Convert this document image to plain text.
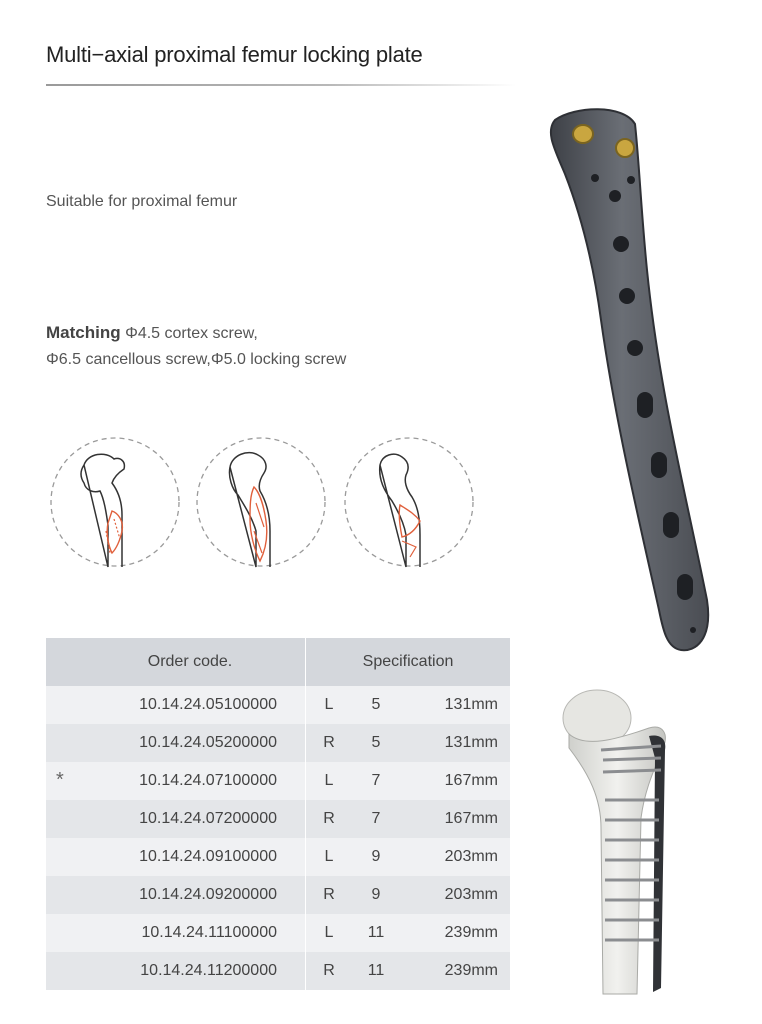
Multi−axial proximal femur locking plate
Suitable for proximal femur
Matching Φ4.5 cortex screw,
Φ6.5 cancellous screw,Φ5.0 locking screw
Order code.	Specification		

10.14.24.05100000	L	5	131mm

10.14.24.05200000	R	5	131mm

* 10.14.24.07100000	L	7	167mm

10.14.24.07200000	R	7	167mm

10.14.24.09100000	L	9	203mm

10.14.24.09200000	R	9	203mm

10.14.24.11100000	L	11	239mm

10.14.24.11200000	R	11	239mm
